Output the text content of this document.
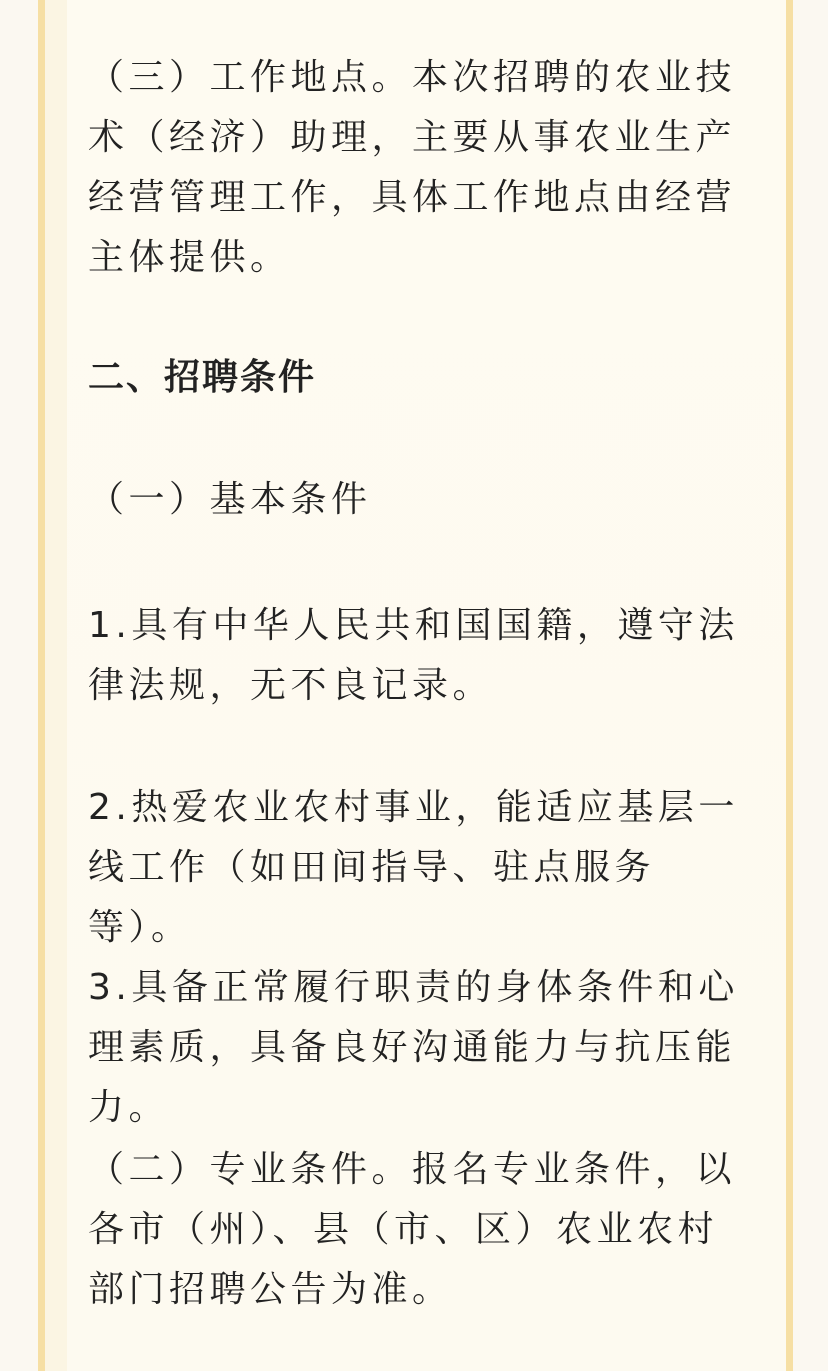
（三）工作地点。本次招聘的农业技术（经济）助理，主要从事农业生产经营管理工作，具体工作地点由经营主体提供。

二、招聘条件

（一）基本条件

1.具有中华人民共和国国籍，遵守法律法规，无不良记录。

2.热爱农业农村事业，能适应基层一线工作（如田间指导、驻点服务等）。

3.具备正常履行职责的身体条件和心理素质，具备良好沟通能力与抗压能力。

（二）专业条件。报名专业条件，以各市（州）、县（市、区）农业农村部门招聘公告为准。
